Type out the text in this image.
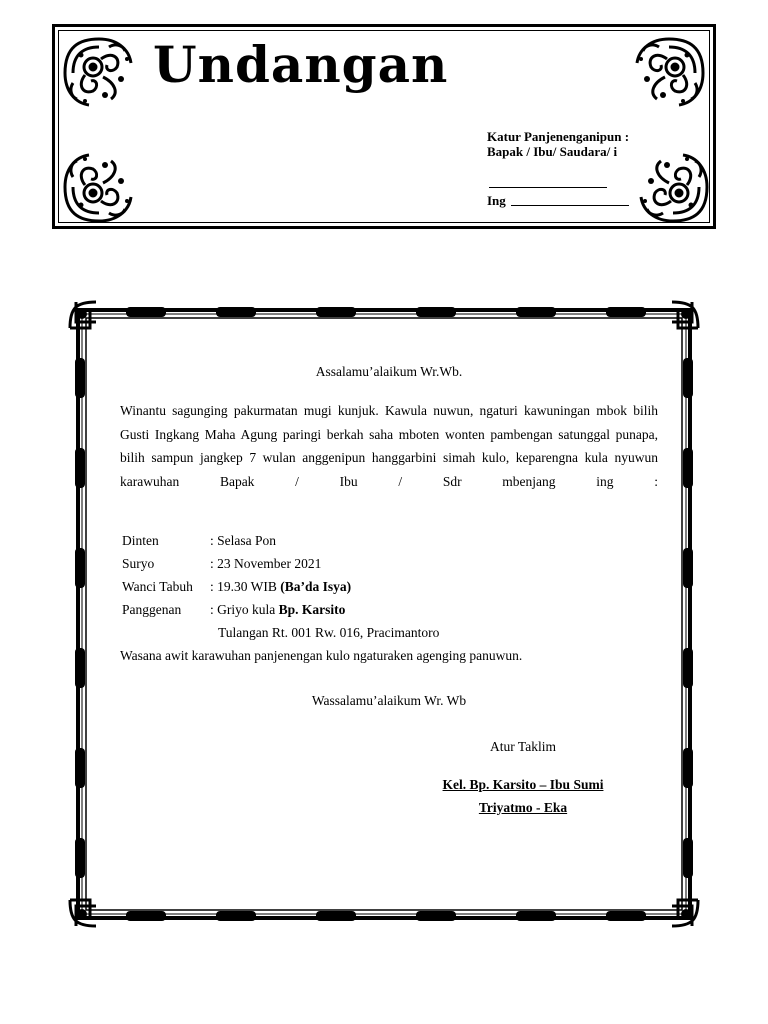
Undangan
Katur Panjenenganipun :
Bapak / Ibu/ Saudara/ i
Ing
Assalamu’alaikum Wr.Wb.
Winantu sagunging pakurmatan mugi kunjuk. Kawula nuwun, ngaturi kawuningan mbok bilih Gusti Ingkang Maha Agung paringi berkah saha mboten wonten pambengan satunggal punapa, bilih sampun jangkep 7 wulan anggenipun hanggarbini simah kulo, keparengna kula nyuwun karawuhan Bapak / Ibu / Sdr mbenjang ing :
Dinten	: Selasa Pon
Suryo	: 23 November 2021
Wanci Tabuh	: 19.30 WIB (Ba’da Isya)
Panggenan	: Griyo kula Bp. Karsito
	Tulangan Rt. 001 Rw. 016, Pracimantoro
Wasana awit karawuhan panjenengan kulo ngaturaken agenging panuwun.
Wassalamu’alaikum Wr. Wb
Atur Taklim
Kel. Bp. Karsito – Ibu Sumi
Triyatmo - Eka
